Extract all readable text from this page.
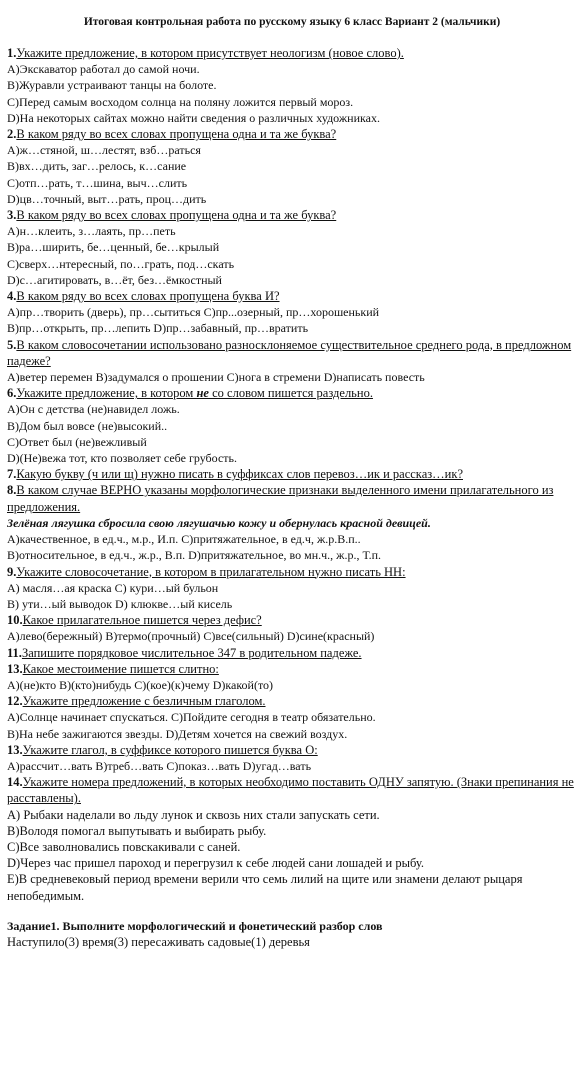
Итоговая контрольная работа по русскому языку 6 класс Вариант 2 (мальчики)

1.Укажите предложение, в котором присутствует неологизм (новое слово).

А)Экскаватор работал до самой ночи.

В)Журавли устраивают танцы на болоте.

С)Перед самым восходом солнца на поляну ложится первый мороз.

D)На некоторых сайтах можно найти сведения о различных художниках.

2.В каком ряду во всех словах пропущена одна и та же буква?

А)ж…стяной, ш…лестят, взб…раться

В)вх…дить, заг…релось, к…сание

С)отп…рать, т…шина, выч…слить

D)цв…точный, выт…рать, проц…дить

3.В каком ряду во всех словах пропущена одна и та же буква?

А)н…клеить, з…лаять, пр…петь

В)ра…ширить, бе…ценный, бе…крылый

С)сверх…нтересный, по…грать, под…скать

D)с…агитировать, в…ёт, без…ёмкостный

4.В каком ряду во всех словах пропущена буква И?

А)пр…творить (дверь), пр…сытиться С)пр...озерный, пр…хорошенький

В)пр…открыть, пр…лепить D)пр…забавный, пр…вратить

5.В каком словосочетании использовано разносклоняемое существительное среднего рода, в предложном падеже?

А)ветер перемен В)задумался о прошении С)нога в стремени D)написать повесть

6.Укажите предложение, в котором не со словом пишется раздельно.

А)Он с детства (не)навидел ложь.

В)Дом был вовсе (не)высокий..

С)Ответ был (не)вежливый

D)(Не)вежа тот, кто позволяет себе грубость.

7.Какую букву (ч или щ) нужно писать в суффиксах слов перевоз…ик и рассказ…ик?

8.В каком случае ВЕРНО указаны морфологические признаки выделенного имени прилагательного из предложения.

Зелёная лягушка сбросила свою лягушачью кожу и обернулась красной девицей.

А)качественное, в ед.ч., м.р., И.п. С)притяжательное, в ед.ч, ж.р.В.п..

В)относительное, в ед.ч., ж.р., В.п. D)притяжательное, во мн.ч., ж.р., Т.п.

9.Укажите словосочетание, в котором в прилагательном нужно писать НН:

А) масля…ая краска С) кури…ый бульон

В) ути…ый выводок D) клюкве…ый кисель

10.Какое прилагательное пишется через дефис?

А)лево(бережный) В)термо(прочный) С)все(сильный) D)сине(красный)

11.Запишите порядковое числительное 347 в родительном падеже.

13.Какое местоимение пишется слитно:

А)(не)кто В)(кто)нибудь С)(кое)(к)чему D)какой(то)

12.Укажите предложение с безличным глаголом.

А)Солнце начинает спускаться. С)Пойдите сегодня в театр обязательно.

В)На небе зажигаются звезды. D)Детям хочется на свежий воздух.

13.Укажите глагол, в суффиксе которого пишется буква О:

А)рассчит…вать В)треб…вать С)показ…вать D)угад…вать

14.Укажите номера предложений, в которых необходимо поставить ОДНУ запятую. (Знаки препинания не расставлены).

А) Рыбаки наделали во льду лунок и сквозь них стали запускать сети.

В)Володя помогал выпутывать и выбирать рыбу.

С)Все заволновались повскакивали с саней.

D)Через час пришел пароход и перегрузил к себе людей сани лошадей и рыбу.

Е)В средневековый период времени верили что семь лилий на щите или знамени делают рыцаря непобедимым.

Задание1. Выполните морфологический и фонетический разбор слов

Наступило(3) время(3) пересаживать садовые(1) деревья
